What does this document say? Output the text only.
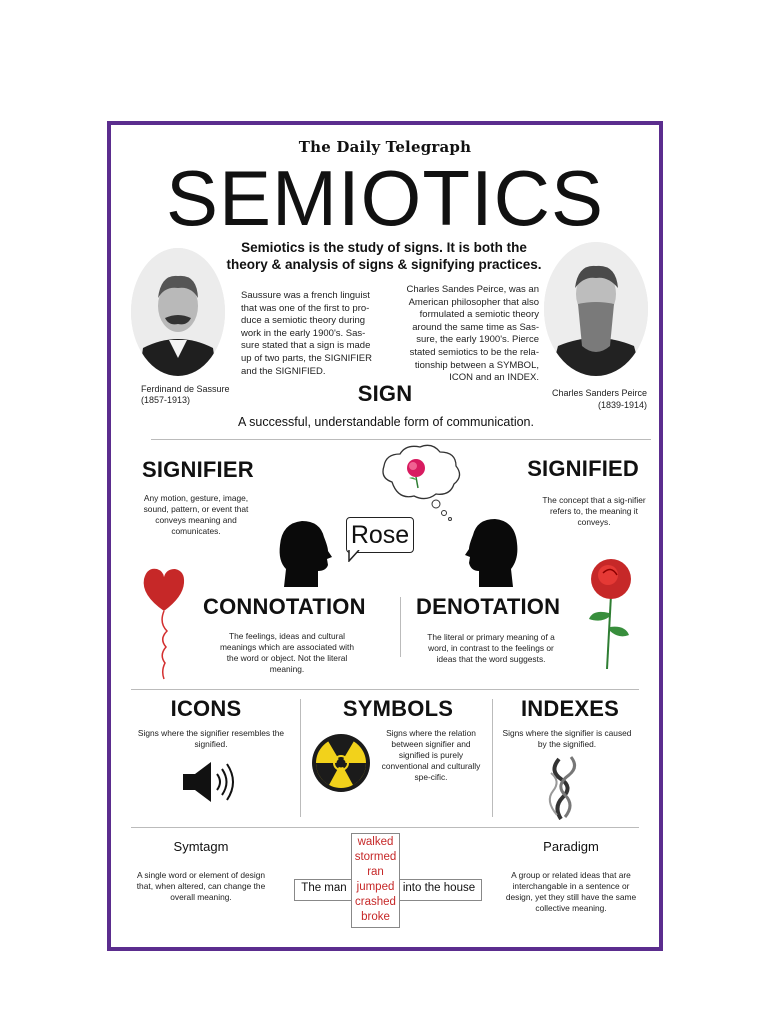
The Daily Telegraph
SEMIOTICS
Semiotics is the study of signs. It is both the theory & analysis of signs & signifying practices.
Saussure was a french linguist that was one of the first to pro-duce a semiotic theory during work in the early 1900's. Sas-sure stated that a sign is made up of two parts, the SIGNIFIER and the SIGNIFIED.
Ferdinand de Sassure
(1857-1913)
Charles Sandes Peirce, was an American philosopher that also formulated a semiotic theory around the same time as Sas-sure, the early 1900's. Pierce stated semiotics to be the rela-tionship between a SYMBOL, ICON and an INDEX.
Charles Sanders Peirce
(1839-1914)
SIGN
A successful, understandable form of communication.
SIGNIFIER
Any motion, gesture, image, sound, pattern, or event that conveys meaning and comunicates.
SIGNIFIED
The concept that a sig-nifier refers to, the meaning it conveys.
Rose
CONNOTATION
The feelings, ideas and cultural meanings which are associated with the word or object. Not the literal meaning.
DENOTATION
The literal or primary meaning of a word, in contrast to the feelings or ideas that the word suggests.
ICONS
Signs where the signifier resembles the signified.
SYMBOLS
Signs where the relation between signifier and signified is purely conventional and culturally spe-cific.
INDEXES
Signs where the signifier is caused by the signified.
Symtagm
A single word or element of design that, when altered, can change the overall meaning.
Paradigm
A group or related ideas that are interchangable in a sentence or design, yet they still have the same collective meaning.
The man	into the house
walked
stormed
ran
jumped
crashed
broke
